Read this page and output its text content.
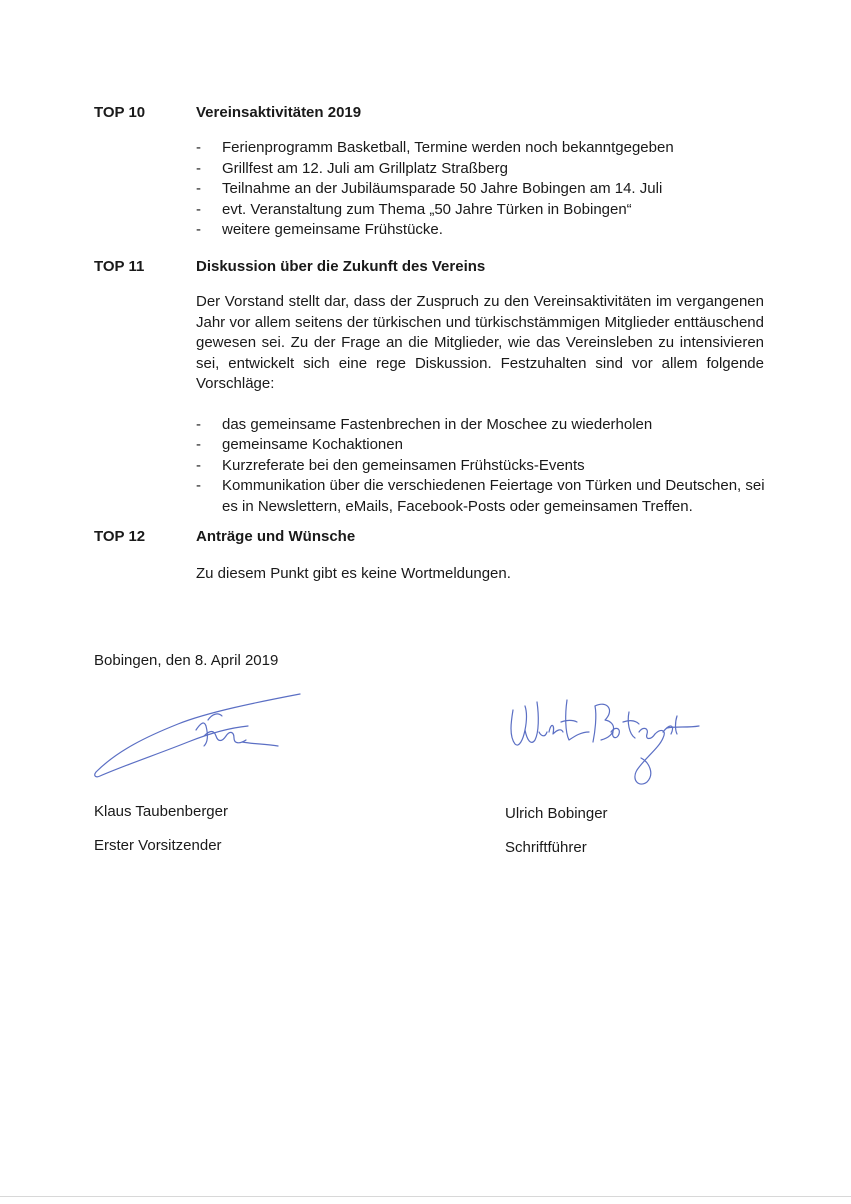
TOP 10	Vereinsaktivitäten 2019
- Ferienprogramm Basketball, Termine werden noch bekanntgegeben
- Grillfest am 12. Juli am Grillplatz Straßberg
- Teilnahme an der Jubiläumsparade 50 Jahre Bobingen am 14. Juli
- evt. Veranstaltung zum Thema „50 Jahre Türken in Bobingen“
- weitere gemeinsame Frühstücke.
TOP 11	Diskussion über die Zukunft des Vereins

Der Vorstand stellt dar, dass der Zuspruch zu den Vereinsaktivitäten im vergangenen Jahr vor allem seitens der türkischen und türkischstämmigen Mitglieder enttäuschend gewesen sei. Zu der Frage an die Mitglieder, wie das Vereinsleben zu intensivieren sei, entwickelt sich eine rege Diskussion. Festzuhalten sind vor allem folgende Vorschläge:

- das gemeinsame Fastenbrechen in der Moschee zu wiederholen
- gemeinsame Kochaktionen
- Kurzreferate bei den gemeinsamen Frühstücks-Events
- Kommunikation über die verschiedenen Feiertage von Türken und Deutschen, sei es in Newslettern, eMails, Facebook-Posts oder gemeinsamen Treffen.
TOP 12	Anträge und Wünsche
Zu diesem Punkt gibt es keine Wortmeldungen.
Bobingen, den 8. April 2019
Klaus Taubenberger
Erster Vorsitzender
Ulrich Bobinger
Schriftführer
